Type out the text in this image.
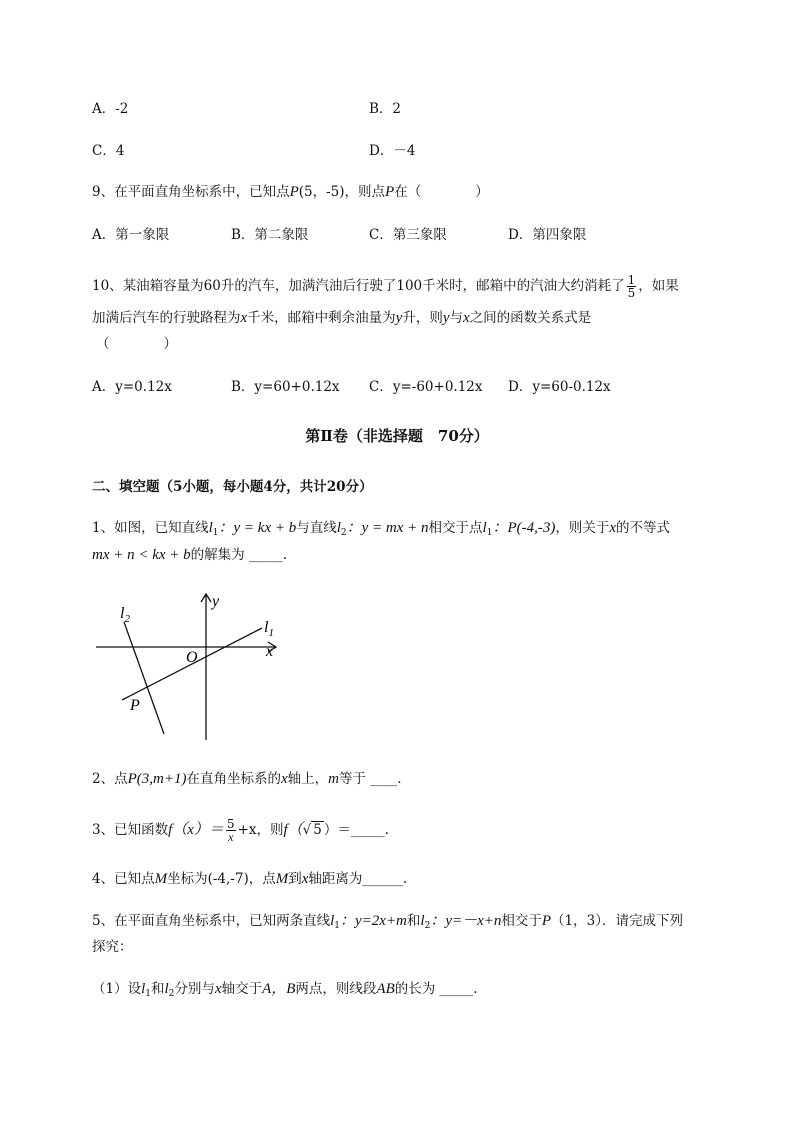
A．-2	B．2
C．4	D．－4
9、在平面直角坐标系中，已知点P(5，-5)，则点P在（　　　　）
A．第一象限	B．第二象限	C．第三象限	D．第四象限
10、某油箱容量为60升的汽车，加满汽油后行驶了100千米时，邮箱中的汽油大约消耗了 $\frac{1}{5}$ ，如果
加满后汽车的行驶路程为x千米，邮箱中剩余油量为y升，则y与x之间的函数关系式是
（　　　　）
A．y=0.12x	B．y=60+0.12x C．y=-60+0.12x D．y=60-0.12x
第Ⅱ卷（非选择题　70分）
二、填空题（5小题，每小题4分，共计20分）
1、如图，已知直线$l_1$：y = kx + b与直线$l_2$：y = mx + n相交于点$l_1$：P(-4,-3)，则关于x的不等式
mx + n < kx + b的解集为 _____.
$l_2$
y
$l_1$
O	x
P
2、点P(3,m+1)在直角坐标系的x轴上，m等于 ____.
3、已知函数$f(x)= \frac{5}{x} +x$，则f（√ 5 ）＝_____.
4、已知点M坐标为(-4,-7)，点M到x轴距离为______.
5、在平面直角坐标系中，已知两条直线$l_1$：y=2x+m和$l_2$：y=－x+n相交于P（1，3）．请完成下列
探究：
（1）设$l_1$和$l_2$分别与x轴交于A，B两点，则线段AB的长为 _____.
